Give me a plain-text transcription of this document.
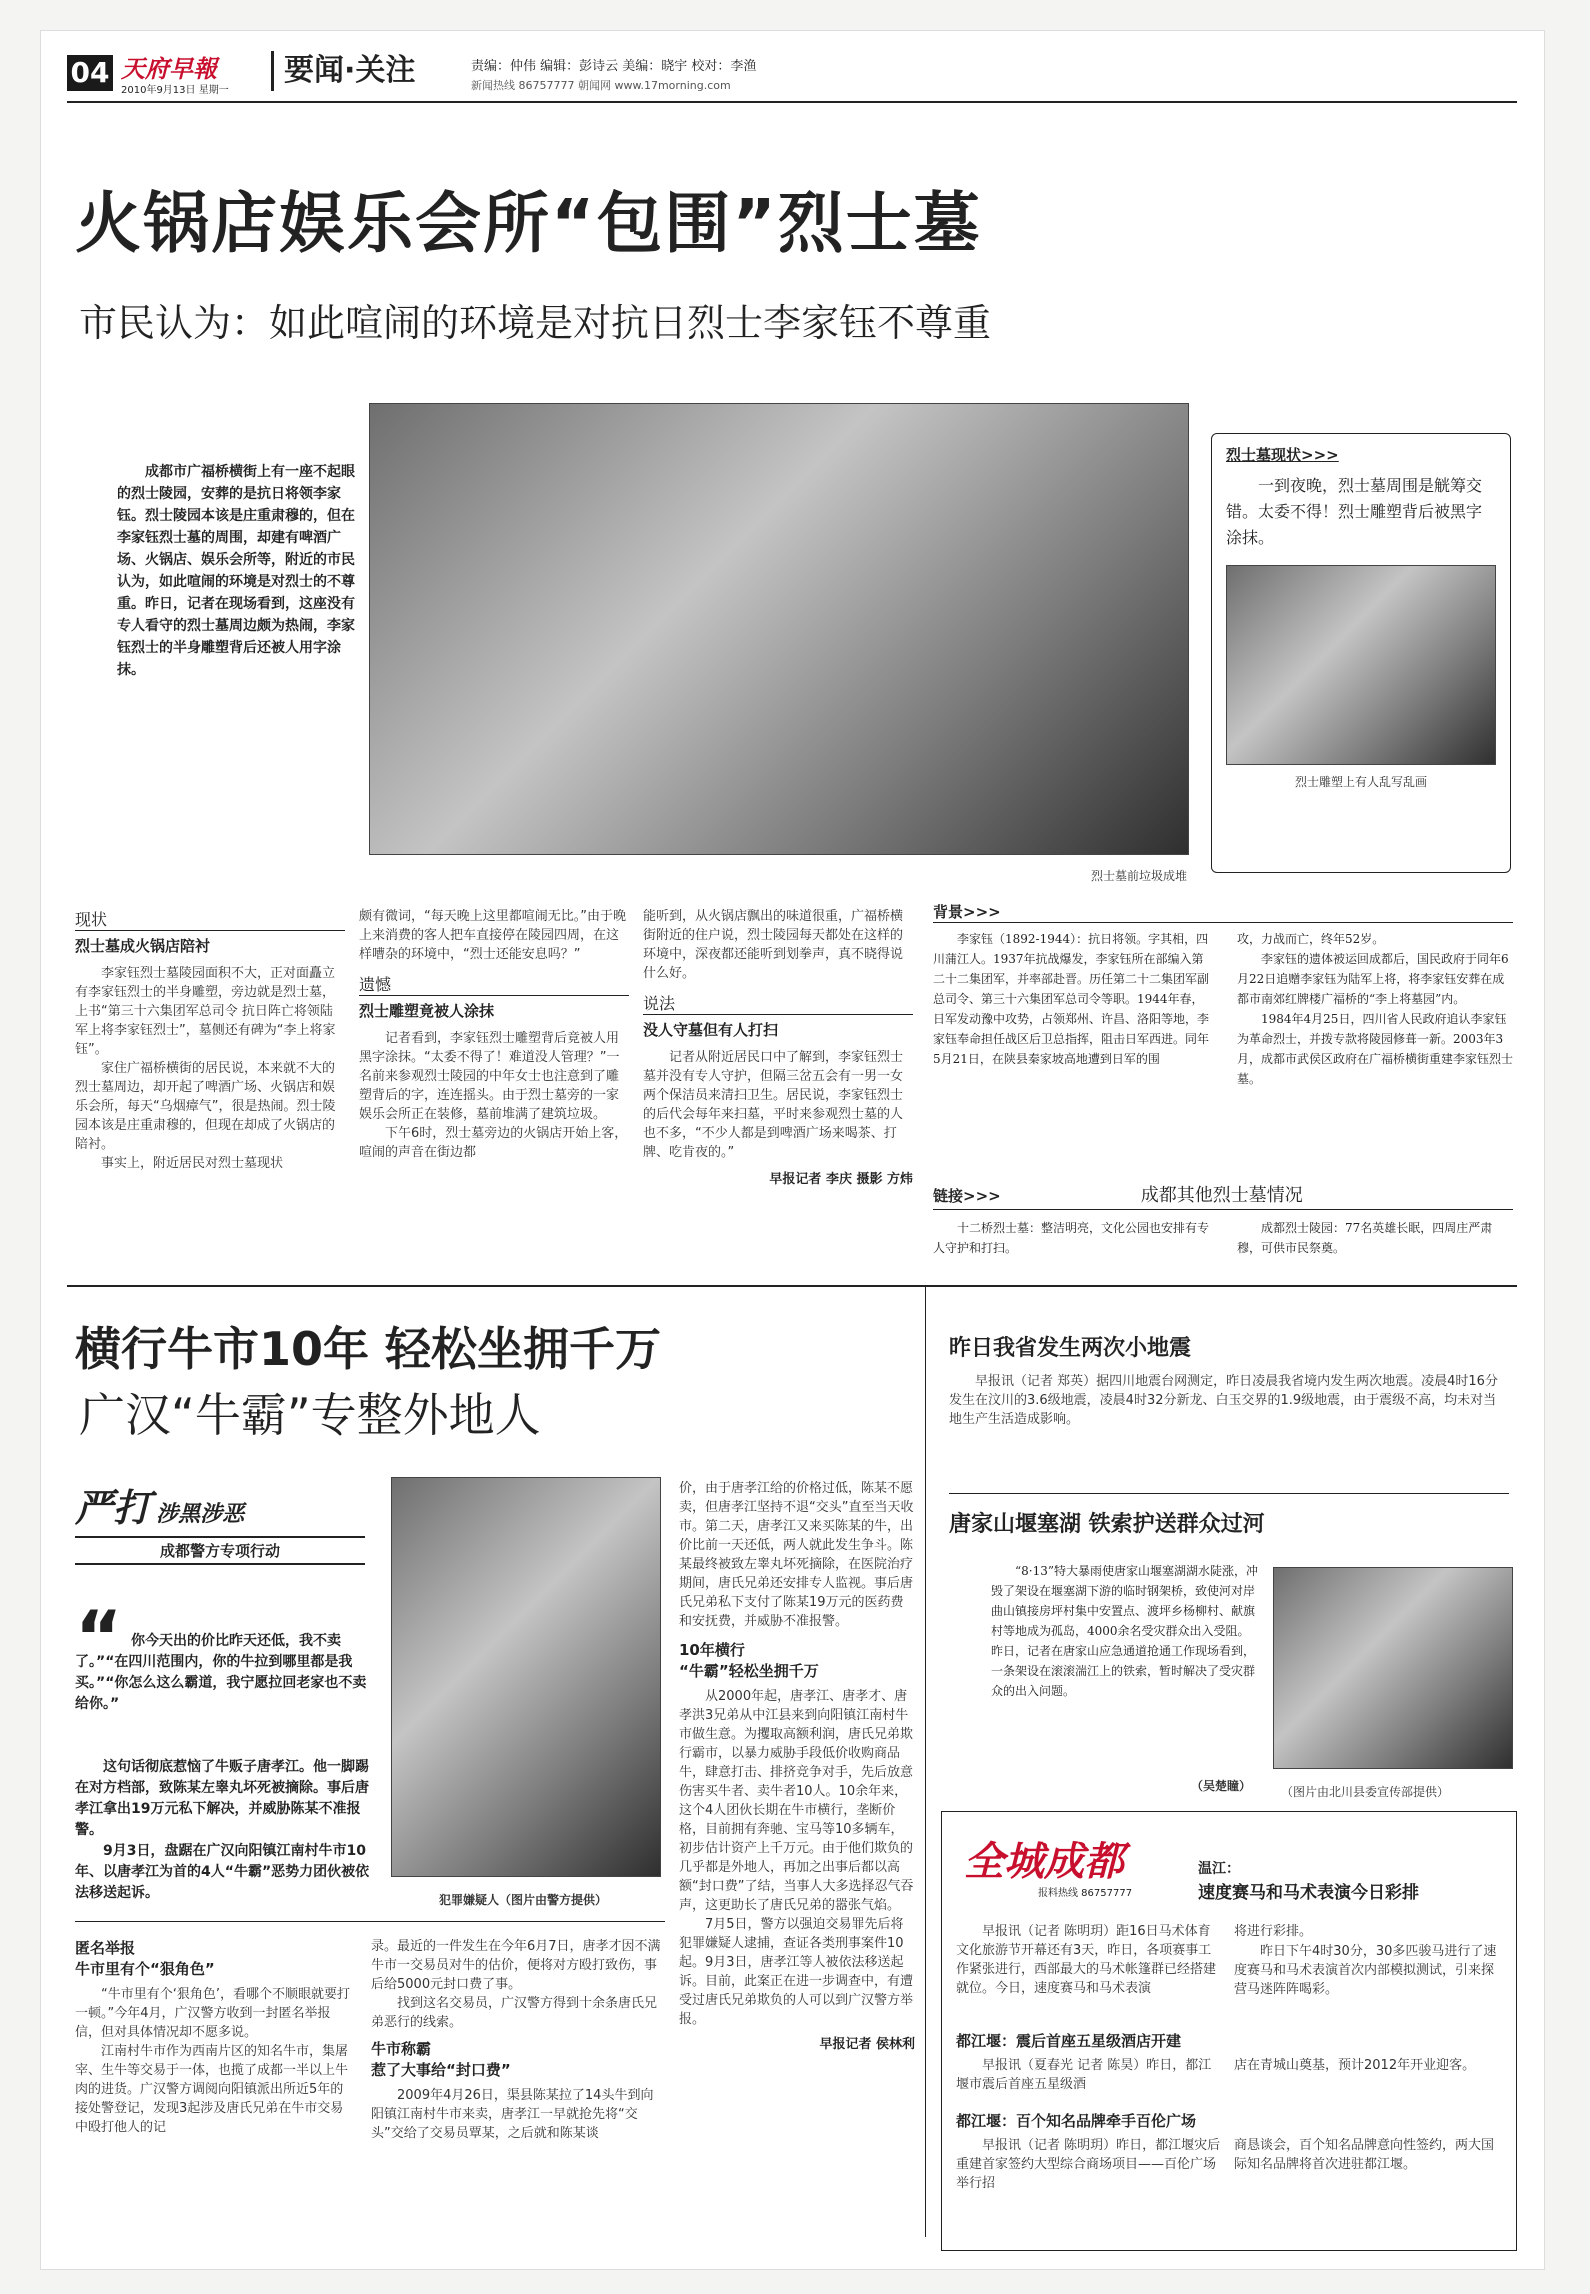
04 天府早報
2010年9月13日 星期一
要闻·关注	责编：仲伟 编辑：彭诗云 美编：晓宇 校对：李渔
新闻热线 86757777 朝闻网 www.17morning.com
火锅店娱乐会所“包围”烈士墓
市民认为：如此喧闹的环境是对抗日烈士李家钰不尊重
成都市广福桥横街上有一座不起眼的烈士陵园，安葬的是抗日将领李家钰。烈士陵园本该是庄重肃穆的，但在李家钰烈士墓的周围，却建有啤酒广场、火锅店、娱乐会所等，附近的市民认为，如此喧闹的环境是对烈士的不尊重。昨日，记者在现场看到，这座没有专人看守的烈士墓周边颇为热闹，李家钰烈士的半身雕塑背后还被人用字涂抹。
烈士墓前垃圾成堆
烈士墓现状>>>
一到夜晚，烈士墓周围是觥筹交错。太委不得！烈士雕塑背后被黑字涂抹。
烈士雕塑上有人乱写乱画
现状
烈士墓成火锅店陪衬

李家钰烈士墓陵园面积不大，正对面矗立有李家钰烈士的半身雕塑，旁边就是烈士墓，上书“第三十六集团军总司令 抗日阵亡将领陆军上将李家钰烈士”，墓侧还有碑为“李上将家钰”。

家住广福桥横街的居民说，本来就不大的烈士墓周边，却开起了啤酒广场、火锅店和娱乐会所，每天“乌烟瘴气”，很是热闹。烈士陵园本该是庄重肃穆的，但现在却成了火锅店的陪衬。

事实上，附近居民对烈士墓现状

颇有微词，“每天晚上这里都喧闹无比。”由于晚上来消费的客人把车直接停在陵园四周，在这样嘈杂的环境中，“烈士还能安息吗？”

遗憾
烈士雕塑竟被人涂抹

记者看到，李家钰烈士雕塑背后竟被人用黑字涂抹。“太委不得了！难道没人管理？”一名前来参观烈士陵园的中年女士也注意到了雕塑背后的字，连连摇头。由于烈士墓旁的一家娱乐会所正在装修，墓前堆满了建筑垃圾。

下午6时，烈士墓旁边的火锅店开始上客，喧闹的声音在街边都

能听到，从火锅店飘出的味道很重，广福桥横街附近的住户说，烈士陵园每天都处在这样的环境中，深夜都还能听到划拳声，真不晓得说什么好。

说法
没人守墓但有人打扫

记者从附近居民口中了解到，李家钰烈士墓并没有专人守护，但隔三岔五会有一男一女两个保洁员来清扫卫生。居民说，李家钰烈士的后代会每年来扫墓，平时来参观烈士墓的人也不多，“不少人都是到啤酒广场来喝茶、打牌、吃肯夜的。”

早报记者 李庆 摄影 方炜
背景>>>
李家钰（1892-1944）：抗日将领。字其相，四川蒲江人。1937年抗战爆发，李家钰所在部编入第二十二集团军，并率部赴晋。历任第二十二集团军副总司令、第三十六集团军总司令等职。1944年春，日军发动豫中攻势，占领郑州、许昌、洛阳等地，李家钰奉命担任战区后卫总指挥，阻击日军西进。同年5月21日，在陕县秦家坡高地遭到日军的围
攻，力战而亡，终年52岁。
李家钰的遗体被运回成都后，国民政府于同年6月22日追赠李家钰为陆军上将，将李家钰安葬在成都市南郊红牌楼广福桥的“李上将墓园”内。
1984年4月25日，四川省人民政府追认李家钰为革命烈士，并拨专款将陵园修葺一新。2003年3月，成都市武侯区政府在广福桥横街重建李家钰烈士墓。
链接>>>	成都其他烈士墓情况
十二桥烈士墓：整洁明亮，文化公园也安排有专人守护和打扫。
成都烈士陵园：77名英雄长眠，四周庄严肃穆，可供市民祭奠。
横行牛市10年 轻松坐拥千万
广汉“牛霸”专整外地人
严打 涉黑涉恶
成都警方专项行动
“ 你今天出的价比昨天还低，我不卖了。”“在四川范围内，你的牛拉到哪里都是我买。”“你怎么这么霸道，我宁愿拉回老家也不卖给你。”
这句话彻底惹恼了牛贩子唐孝江。他一脚踢在对方档部，致陈某左睾丸坏死被摘除。事后唐孝江拿出19万元私下解决，并威胁陈某不准报警。
9月3日，盘踞在广汉向阳镇江南村牛市10年、以唐孝江为首的4人“牛霸”恶势力团伙被依法移送起诉。	犯罪嫌疑人（图片由警方提供）

价，由于唐孝江给的价格过低，陈某不愿卖，但唐孝江坚持不退“交头”直至当天收市。第二天，唐孝江又来买陈某的牛，出价比前一天还低，两人就此发生争斗。陈某最终被致左睾丸坏死摘除，在医院治疗期间，唐氏兄弟还安排专人监视。事后唐氏兄弟私下支付了陈某19万元的医药费和安抚费，并威胁不准报警。

10年横行
“牛霸”轻松坐拥千万

从2000年起，唐孝江、唐孝才、唐孝洪3兄弟从中江县来到向阳镇江南村牛市做生意。为攫取高额利润，唐氏兄弟欺行霸市，以暴力威胁手段低价收购商品牛，肆意打击、排挤竞争对手，先后放意伤害买牛者、卖牛者10人。10余年来，这个4人团伙长期在牛市横行，垄断价格，目前拥有奔驰、宝马等10多辆车，初步估计资产上千万元。由于他们欺负的几乎都是外地人，再加之出事后都以高额“封口费”了结，当事人大多选择忍气吞声，这更助长了唐氏兄弟的嚣张气焰。

7月5日，警方以强迫交易罪先后将犯罪嫌疑人逮捕，查证各类刑事案件10起。9月3日，唐孝江等人被依法移送起诉。目前，此案正在进一步调查中，有遭受过唐氏兄弟欺负的人可以到广汉警方举报。

早报记者 侯林利
匿名举报
牛市里有个“狠角色”

“牛市里有个‘狠角色’，看哪个不顺眼就要打一顿。”今年4月，广汉警方收到一封匿名举报信，但对具体情况却不愿多说。

江南村牛市作为西南片区的知名牛市，集屠宰、生牛等交易于一体，也揽了成都一半以上牛肉的进货。广汉警方调阅向阳镇派出所近5年的接处警登记，发现3起涉及唐氏兄弟在牛市交易中殴打他人的记

录。最近的一件发生在今年6月7日，唐孝才因不满牛市一交易员对牛的估价，便将对方殴打致伤，事后给5000元封口费了事。

找到这名交易员，广汉警方得到十余条唐氏兄弟恶行的线索。

牛市称霸
惹了大事给“封口费”

2009年4月26日，渠县陈某拉了14头牛到向阳镇江南村牛市来卖，唐孝江一早就抢先将“交头”交给了交易员覃某，之后就和陈某谈

昨日我省发生两次小地震

早报讯（记者 郑英）据四川地震台网测定，昨日凌晨我省境内发生两次地震。凌晨4时16分发生在汶川的3.6级地震，凌晨4时32分新龙、白玉交界的1.9级地震，由于震级不高，均未对当地生产生活造成影响。

唐家山堰塞湖 铁索护送群众过河
“8·13”特大暴雨使唐家山堰塞湖湖水陡涨，冲毁了架设在堰塞湖下游的临时钢架桥，致使河对岸曲山镇接房坪村集中安置点、渡坪乡杨柳村、献旗村等地成为孤岛，4000余名受灾群众出入受阻。昨日，记者在唐家山应急通道抢通工作现场看到，一条架设在滚滚湍江上的铁索，暂时解决了受灾群众的出入问题。
（吴楚瞳） （图片由北川县委宣传部提供）
全城成都
报料热线 86757777
温江：
速度赛马和马术表演今日彩排
早报讯（记者 陈明玥）距16日马术体育文化旅游节开幕还有3天，昨日，各项赛事工作紧张进行，西部最大的马术帐篷群已经搭建就位。今日，速度赛马和马术表演
将进行彩排。
昨日下午4时30分，30多匹骏马进行了速度赛马和马术表演首次内部模拟测试，引来探营马迷阵阵喝彩。
都江堰：震后首座五星级酒店开建
早报讯（夏春光 记者 陈昊）昨日，都江堰市震后首座五星级酒
店在青城山奠基，预计2012年开业迎客。
都江堰：百个知名品牌牵手百伦广场
早报讯（记者 陈明玥）昨日，都江堰灾后重建首家签约大型综合商场项目——百伦广场举行招
商恳谈会，百个知名品牌意向性签约，两大国际知名品牌将首次进驻都江堰。
